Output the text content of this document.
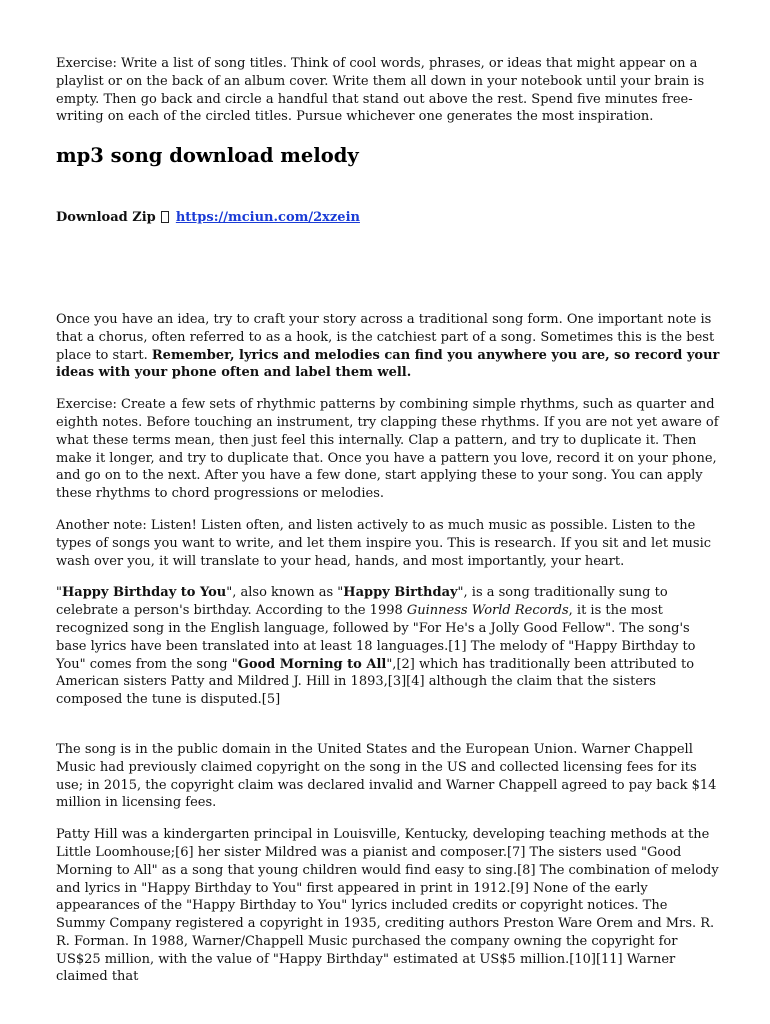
Exercise: Write a list of song titles. Think of cool words, phrases, or ideas that might appear on a playlist or on the back of an album cover. Write them all down in your notebook until your brain is empty. Then go back and circle a handful that stand out above the rest. Spend five minutes free-writing on each of the circled titles. Pursue whichever one generates the most inspiration.

mp3 song download melody

Download Zip https://mciun.com/2xzein

Once you have an idea, try to craft your story across a traditional song form. One important note is that a chorus, often referred to as a hook, is the catchiest part of a song. Sometimes this is the best place to start. Remember, lyrics and melodies can find you anywhere you are, so record your ideas with your phone often and label them well.

Exercise: Create a few sets of rhythmic patterns by combining simple rhythms, such as quarter and eighth notes. Before touching an instrument, try clapping these rhythms. If you are not yet aware of what these terms mean, then just feel this internally. Clap a pattern, and try to duplicate it. Then make it longer, and try to duplicate that. Once you have a pattern you love, record it on your phone, and go on to the next. After you have a few done, start applying these to your song. You can apply these rhythms to chord progressions or melodies.

Another note: Listen! Listen often, and listen actively to as much music as possible. Listen to the types of songs you want to write, and let them inspire you. This is research. If you sit and let music wash over you, it will translate to your head, hands, and most importantly, your heart.

"Happy Birthday to You", also known as "Happy Birthday", is a song traditionally sung to celebrate a person's birthday. According to the 1998 Guinness World Records, it is the most recognized song in the English language, followed by "For He's a Jolly Good Fellow". The song's base lyrics have been translated into at least 18 languages.[1] The melody of "Happy Birthday to You" comes from the song "Good Morning to All",[2] which has traditionally been attributed to American sisters Patty and Mildred J. Hill in 1893,[3][4] although the claim that the sisters composed the tune is disputed.[5]

The song is in the public domain in the United States and the European Union. Warner Chappell Music had previously claimed copyright on the song in the US and collected licensing fees for its use; in 2015, the copyright claim was declared invalid and Warner Chappell agreed to pay back $14 million in licensing fees.

Patty Hill was a kindergarten principal in Louisville, Kentucky, developing teaching methods at the Little Loomhouse;[6] her sister Mildred was a pianist and composer.[7] The sisters used "Good Morning to All" as a song that young children would find easy to sing.[8] The combination of melody and lyrics in "Happy Birthday to You" first appeared in print in 1912.[9] None of the early appearances of the "Happy Birthday to You" lyrics included credits or copyright notices. The Summy Company registered a copyright in 1935, crediting authors Preston Ware Orem and Mrs. R. R. Forman. In 1988, Warner/Chappell Music purchased the company owning the copyright for US$25 million, with the value of "Happy Birthday" estimated at US$5 million.[10][11] Warner claimed that
